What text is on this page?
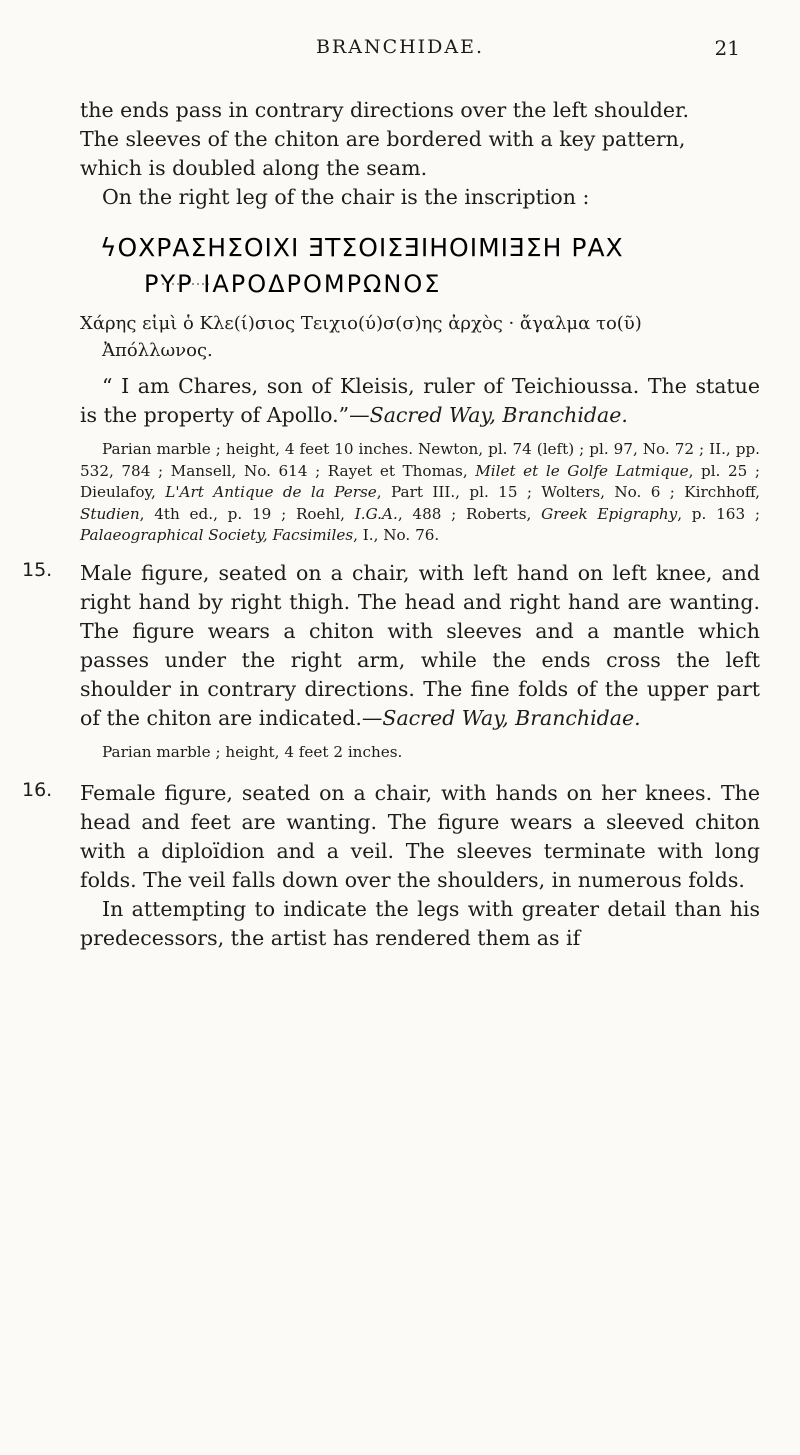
BRANCHIDAE.	21

the ends pass in contrary directions over the left shoulder.

The sleeves of the chiton are bordered with a key pattern,

which is doubled along the seam.

On the right leg of the chair is the inscription :

ϟΟΧΡΑΣΗΣΟΙΧΙ ƎΤΣΟΙΣƎΙΗΟΙΜΙƎΣΗ ΡΑΧ
ΡΥΡ ΙΑΡΟΔΡΟΜΡΩΝΟΣ

Χάρης εἰμὶ ὁ Κλε(ί)σιος Τειχιο(ύ)σ(σ)ης ἀρχὸς · ἄγαλμα το(ῦ)

Ἀπόλλωνος.

“ I am Chares, son of Kleisis, ruler of Teichioussa. The statue is the property of Apollo.”—Sacred Way, Branchidae.

Parian marble ; height, 4 feet 10 inches. Newton, pl. 74 (left) ; pl. 97, No. 72 ; II., pp. 532, 784 ; Mansell, No. 614 ; Rayet et Thomas, Milet et le Golfe Latmique, pl. 25 ; Dieulafoy, L'Art Antique de la Perse, Part III., pl. 15 ; Wolters, No. 6 ; Kirchhoff, Studien, 4th ed., p. 19 ; Roehl, I.G.A., 488 ; Roberts, Greek Epigraphy, p. 163 ; Palaeographical Society, Facsimiles, I., No. 76.

15. Male figure, seated on a chair, with left hand on left knee, and right hand by right thigh. The head and right hand are wanting. The figure wears a chiton with sleeves and a mantle which passes under the right arm, while the ends cross the left shoulder in contrary directions. The fine folds of the upper part of the chiton are indicated.—Sacred Way, Branchidae.

Parian marble ; height, 4 feet 2 inches.

16. Female figure, seated on a chair, with hands on her knees. The head and feet are wanting. The figure wears a sleeved chiton with a diploïdion and a veil. The sleeves terminate with long folds. The veil falls down over the shoulders, in numerous folds.

In attempting to indicate the legs with greater detail than his predecessors, the artist has rendered them as if
